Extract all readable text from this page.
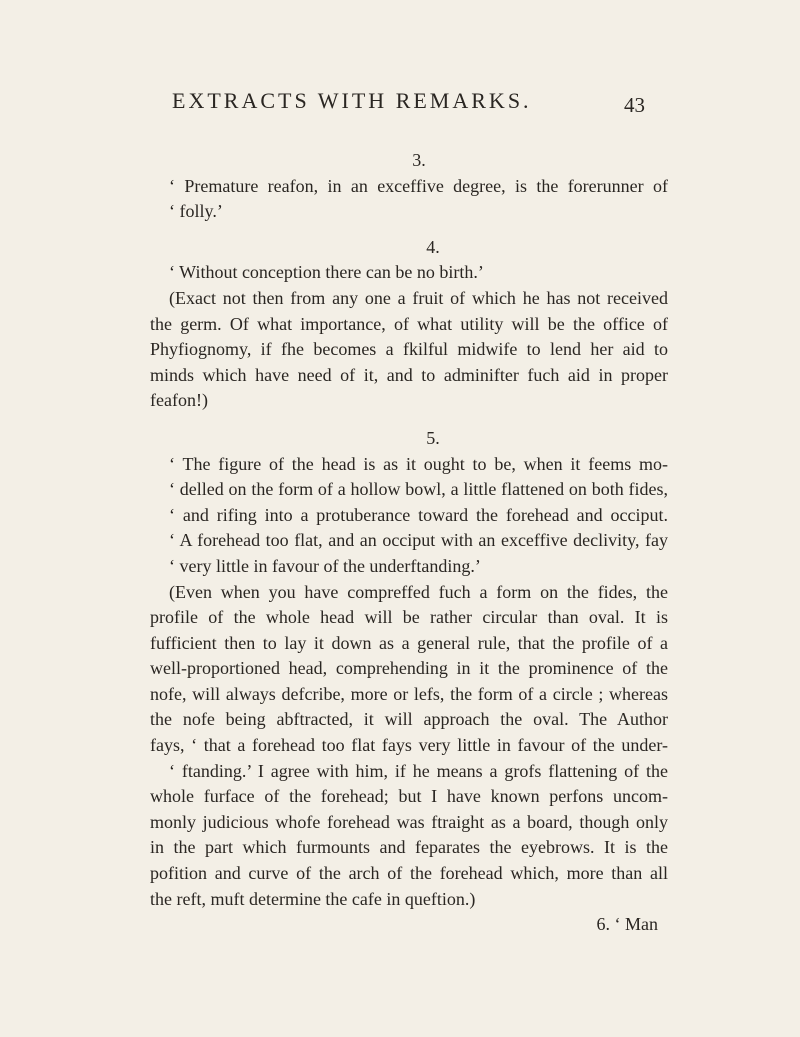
EXTRACTS WITH REMARKS.	43

3.

‘ Premature reafon, in an exceffive degree, is the forerunner of

‘ folly.’

4.

‘ Without conception there can be no birth.’

(Exact not then from any one a fruit of which he has not received

the germ. Of what importance, of what utility will be the office of

Phyfiognomy, if fhe becomes a fkilful midwife to lend her aid to

minds which have need of it, and to adminifter fuch aid in proper

feafon!)

5.

‘ The figure of the head is as it ought to be, when it feems mo-

‘ delled on the form of a hollow bowl, a little flattened on both fides,

‘ and rifing into a protuberance toward the forehead and occiput.

‘ A forehead too flat, and an occiput with an exceffive declivity, fay

‘ very little in favour of the underftanding.’

(Even when you have compreffed fuch a form on the fides, the

profile of the whole head will be rather circular than oval. It is

fufficient then to lay it down as a general rule, that the profile of a

well-proportioned head, comprehending in it the prominence of the

nofe, will always defcribe, more or lefs, the form of a circle ; whereas

the nofe being abftracted, it will approach the oval. The Author

fays, ‘ that a forehead too flat fays very little in favour of the under-

‘ ftanding.’ I agree with him, if he means a grofs flattening of the

whole furface of the forehead; but I have known perfons uncom-

monly judicious whofe forehead was ftraight as a board, though only

in the part which furmounts and feparates the eyebrows. It is the

pofition and curve of the arch of the forehead which, more than all

the reft, muft determine the cafe in queftion.)

6. ‘ Man
